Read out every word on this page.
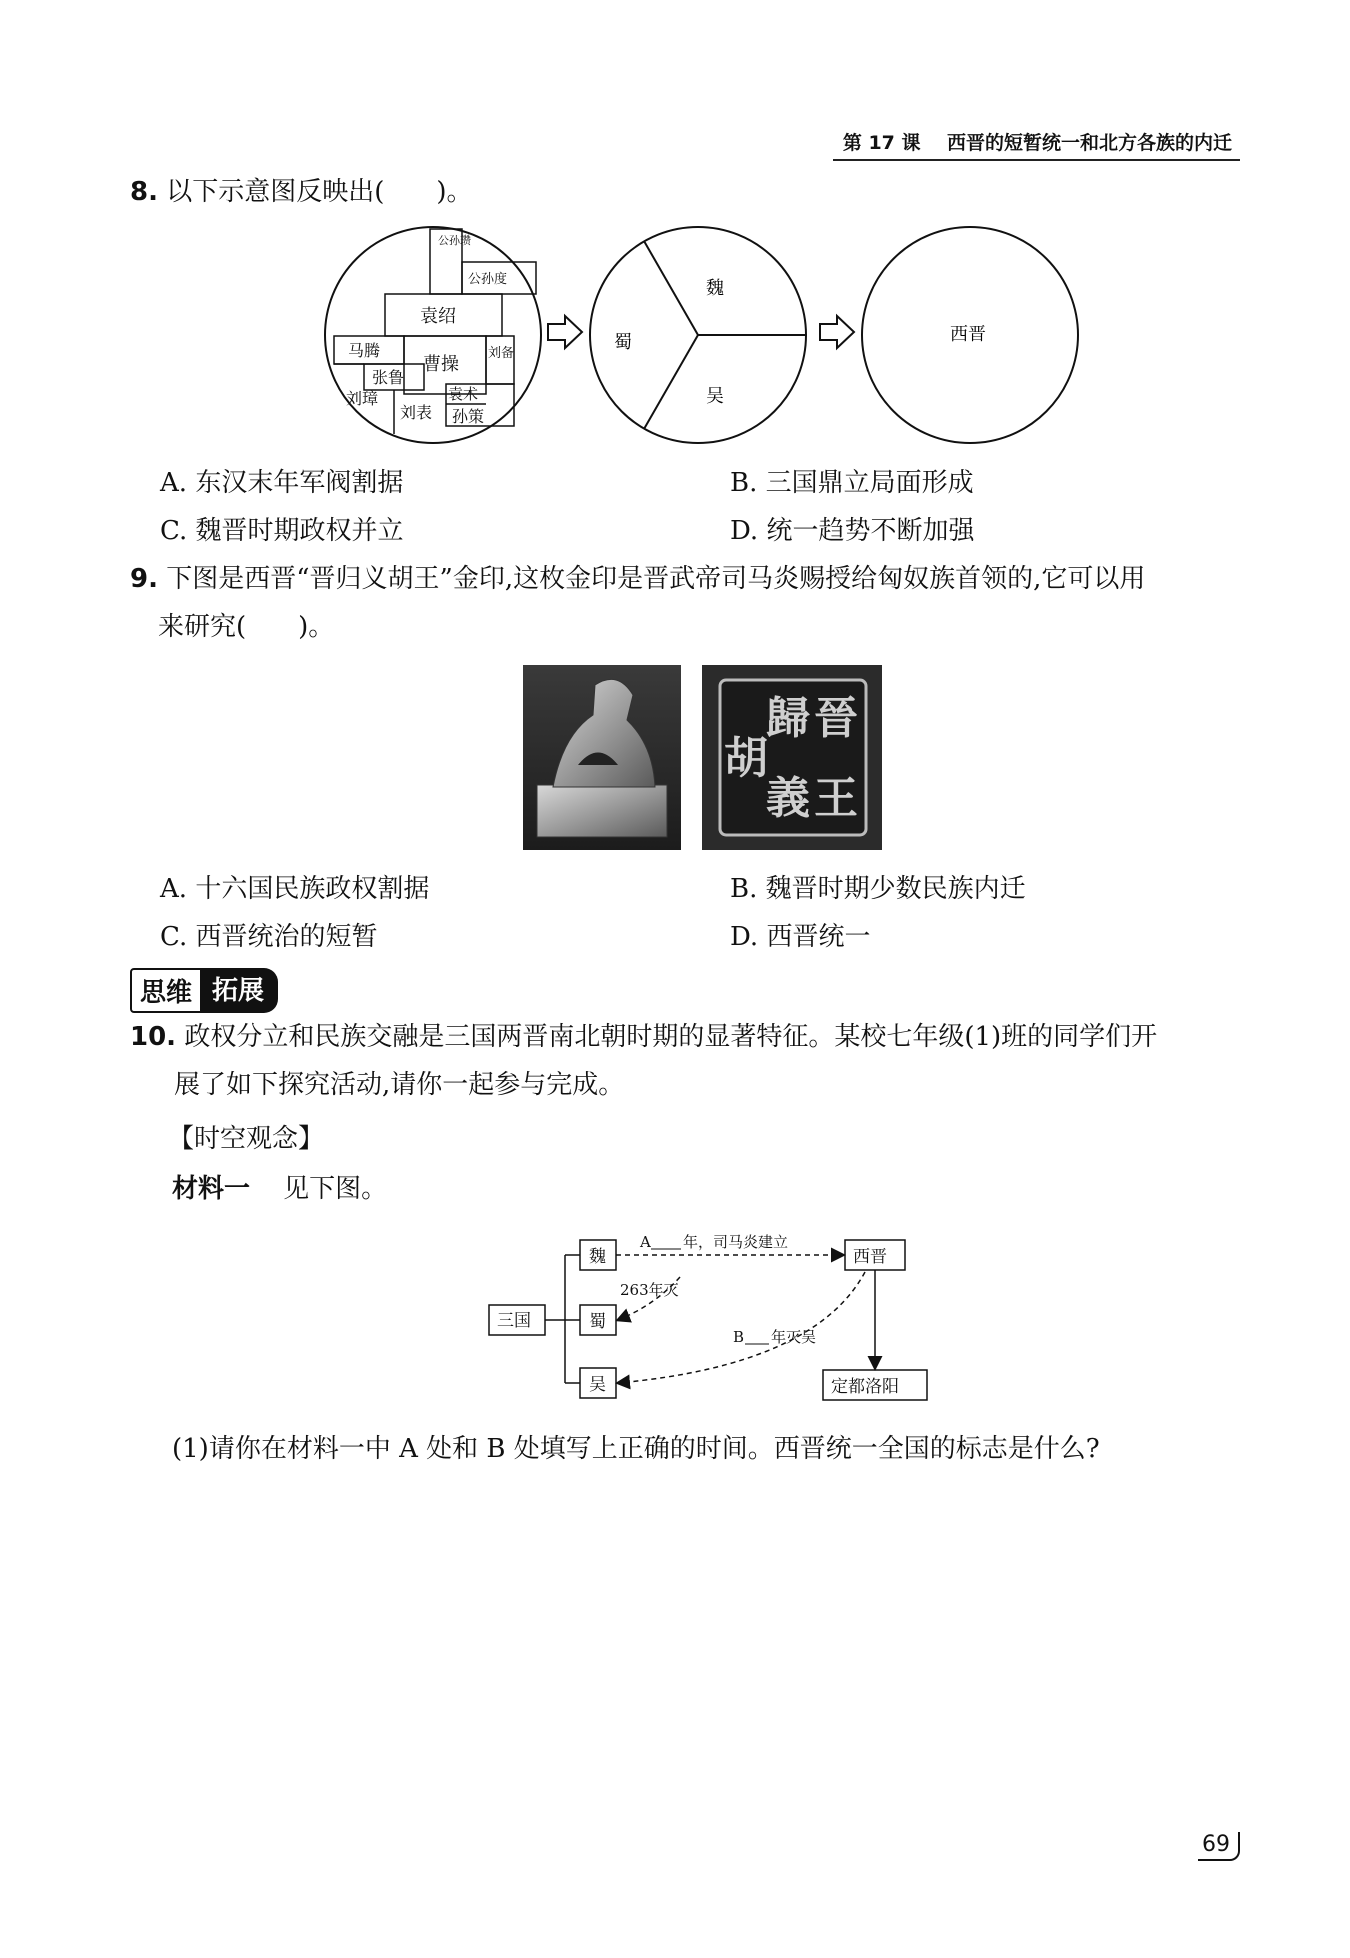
第 17 课 西晋的短暂统一和北方各族的内迁
8. 以下示意图反映出(　　)。
公孙瓒
公孙度
袁绍
马腾
曹操
刘备
张鲁
刘璋	袁术
刘表 孙策
魏
蜀
吴
西晋
A. 东汉末年军阀割据	B. 三国鼎立局面形成
C. 魏晋时期政权并立	D. 统一趋势不断加强
9. 下图是西晋“晋归义胡王”金印,这枚金印是晋武帝司马炎赐授给匈奴族首领的,它可以用
来研究(　　)。
晉
歸
王
胡
義
A. 十六国民族政权割据	B. 魏晋时期少数民族内迁
C. 西晋统治的短暂	D. 西晋统一
思维 拓展
10. 政权分立和民族交融是三国两晋南北朝时期的显著特征。某校七年级(1)班的同学们开
展了如下探究活动,请你一起参与完成。
【时空观念】
材料一 见下图。
三国
魏
蜀
吴
西晋
定都洛阳
A 年，司马炎建立
263年灭
B 年灭吴
(1)请你在材料一中 A 处和 B 处填写上正确的时间。西晋统一全国的标志是什么?
69
